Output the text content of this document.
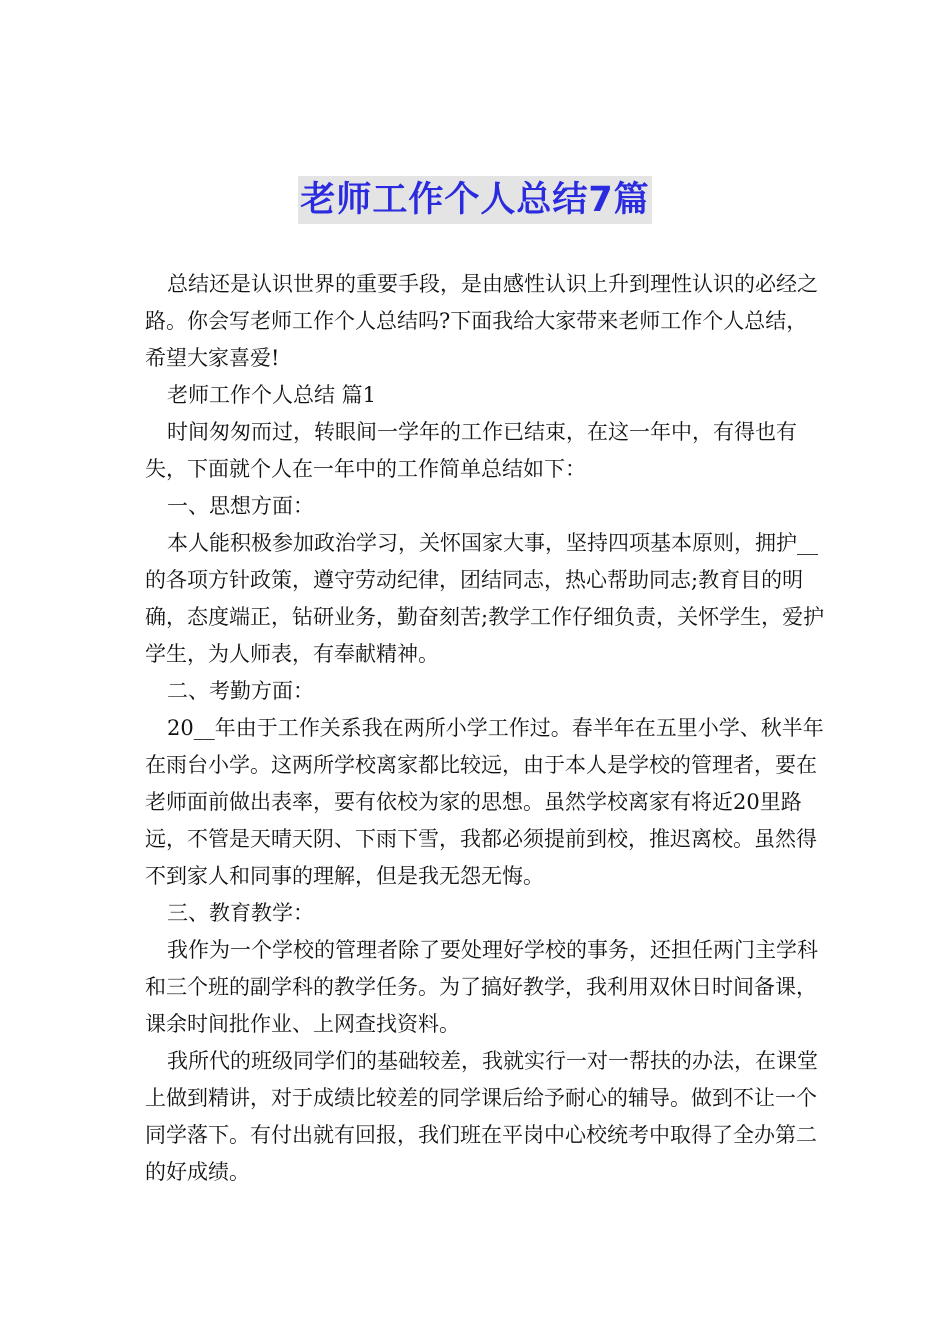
老师工作个人总结7篇

总结还是认识世界的重要手段，是由感性认识上升到理性认识的必经之路。你会写老师工作个人总结吗?下面我给大家带来老师工作个人总结，希望大家喜爱!

老师工作个人总结 篇1

时间匆匆而过，转眼间一学年的工作已结束，在这一年中，有得也有失，下面就个人在一年中的工作简单总结如下：

一、思想方面：

本人能积极参加政治学习，关怀国家大事，坚持四项基本原则，拥护__的各项方针政策，遵守劳动纪律，团结同志，热心帮助同志;教育目的明确，态度端正，钻研业务，勤奋刻苦;教学工作仔细负责，关怀学生，爱护学生，为人师表，有奉献精神。

二、考勤方面：

20__年由于工作关系我在两所小学工作过。春半年在五里小学、秋半年在雨台小学。这两所学校离家都比较远，由于本人是学校的管理者，要在老师面前做出表率，要有依校为家的思想。虽然学校离家有将近20里路远，不管是天晴天阴、下雨下雪，我都必须提前到校，推迟离校。虽然得不到家人和同事的理解，但是我无怨无悔。

三、教育教学：

我作为一个学校的管理者除了要处理好学校的事务，还担任两门主学科和三个班的副学科的教学任务。为了搞好教学，我利用双休日时间备课，课余时间批作业、上网查找资料。

我所代的班级同学们的基础较差，我就实行一对一帮扶的办法，在课堂上做到精讲，对于成绩比较差的同学课后给予耐心的辅导。做到不让一个同学落下。有付出就有回报，我们班在平岗中心校统考中取得了全办第二的好成绩。
